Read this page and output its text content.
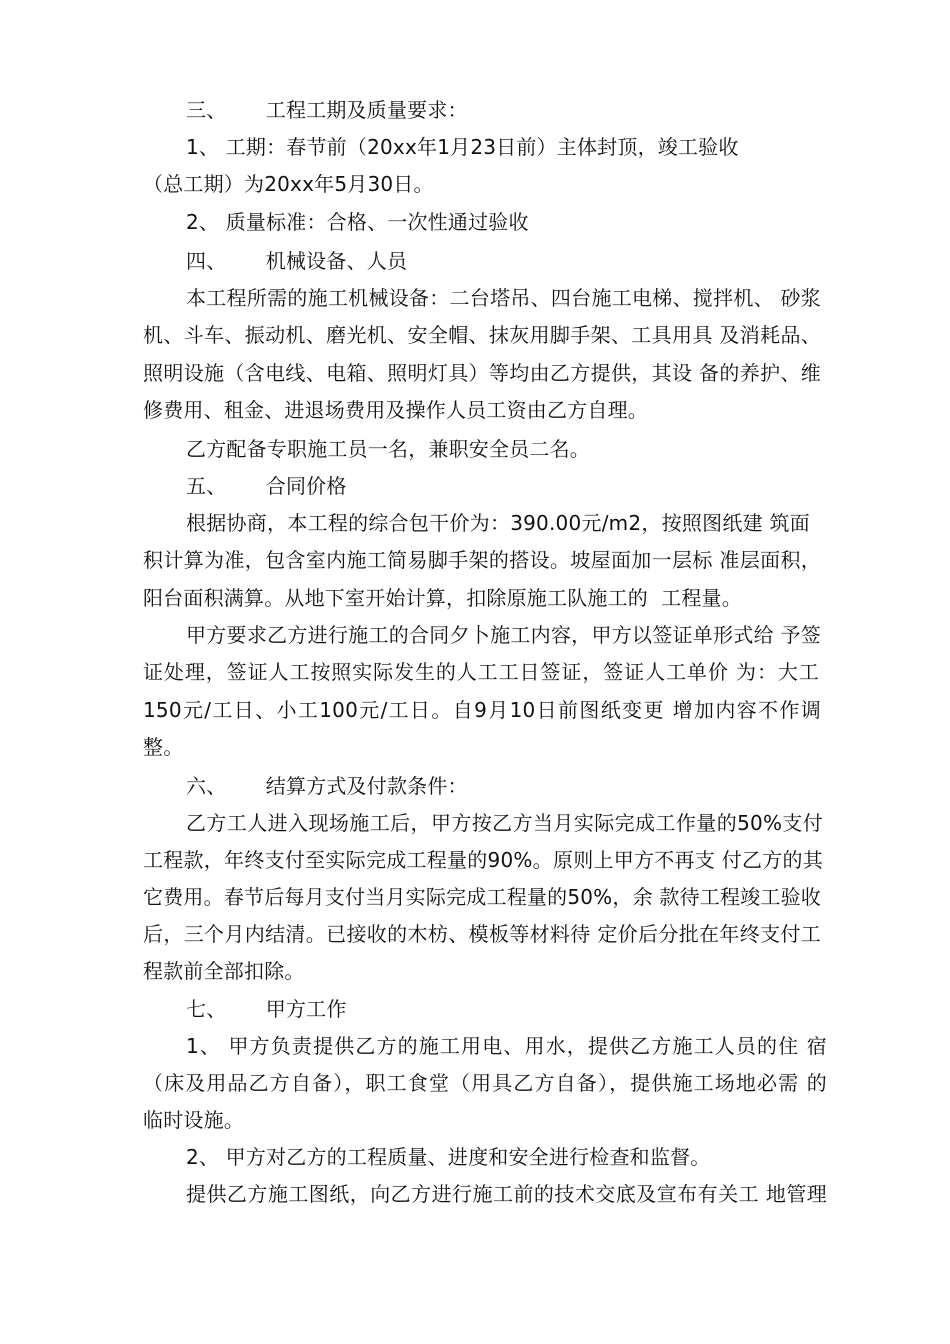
三、      工程工期及质量要求：
1、 工期：春节前（20xx年1月23日前）主体封顶，竣工验收
（总工期）为20xx年5月30日。
2、 质量标准：合格、一次性通过验收
四、      机械设备、人员
本工程所需的施工机械设备：二台塔吊、四台施工电梯、搅拌机、 砂浆
机、斗车、振动机、磨光机、安全帽、抹灰用脚手架、工具用具 及消耗品、
照明设施（含电线、电箱、照明灯具）等均由乙方提供，其设 备的养护、维
修费用、租金、进退场费用及操作人员工资由乙方自理。
乙方配备专职施工员一名，兼职安全员二名。
五、      合同价格
根据协商，本工程的综合包干价为：390.00元/m2，按照图纸建 筑面
积计算为准，包含室内施工简易脚手架的搭设。坡屋面加一层标 准层面积，
阳台面积满算。从地下室开始计算，扣除原施工队施工的  工程量。
甲方要求乙方进行施工的合同夕卜施工内容，甲方以签证单形式给 予签
证处理，签证人工按照实际发生的人工工日签证，签证人工单价 为：大工
150元/工日、小工100元/工日。自9月10日前图纸变更 增加内容不作调
整。
六、      结算方式及付款条件：
乙方工人进入现场施工后，甲方按乙方当月实际完成工作量的50%支付
工程款，年终支付至实际完成工程量的90%。原则上甲方不再支 付乙方的其
它费用。春节后每月支付当月实际完成工程量的50%，余 款待工程竣工验收
后，三个月内结清。已接收的木枋、模板等材料待 定价后分批在年终支付工
程款前全部扣除。
七、      甲方工作
1、 甲方负责提供乙方的施工用电、用水，提供乙方施工人员的住 宿
（床及用品乙方自备），职工食堂（用具乙方自备），提供施工场地必需 的
临时设施。
2、 甲方对乙方的工程质量、进度和安全进行检查和监督。
提供乙方施工图纸，向乙方进行施工前的技术交底及宣布有关工 地管理
